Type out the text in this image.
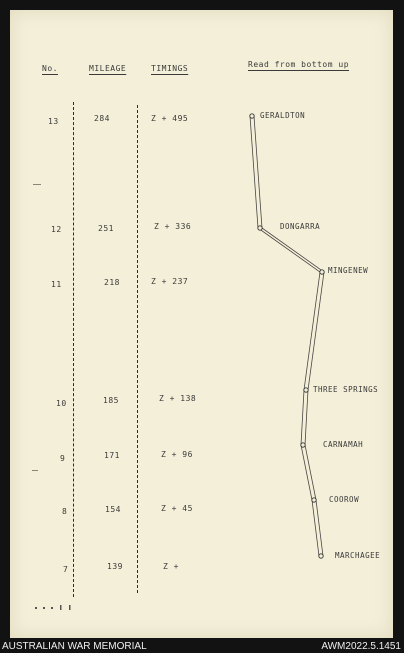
No.	MILEAGE	TIMINGS	Read from bottom up
13	284	Z + 495
12	251	Z + 336
11	218	Z + 237
10	185	Z + 138
9	171	Z + 96
8	154	Z + 45
7	139	Z +
GERALDTON
DONGARRA
MINGENEW
THREE SPRINGS
CARNAMAH
COOROW
MARCHAGEE
AUSTRALIAN WAR MEMORIAL	AWM2022.5.1451
